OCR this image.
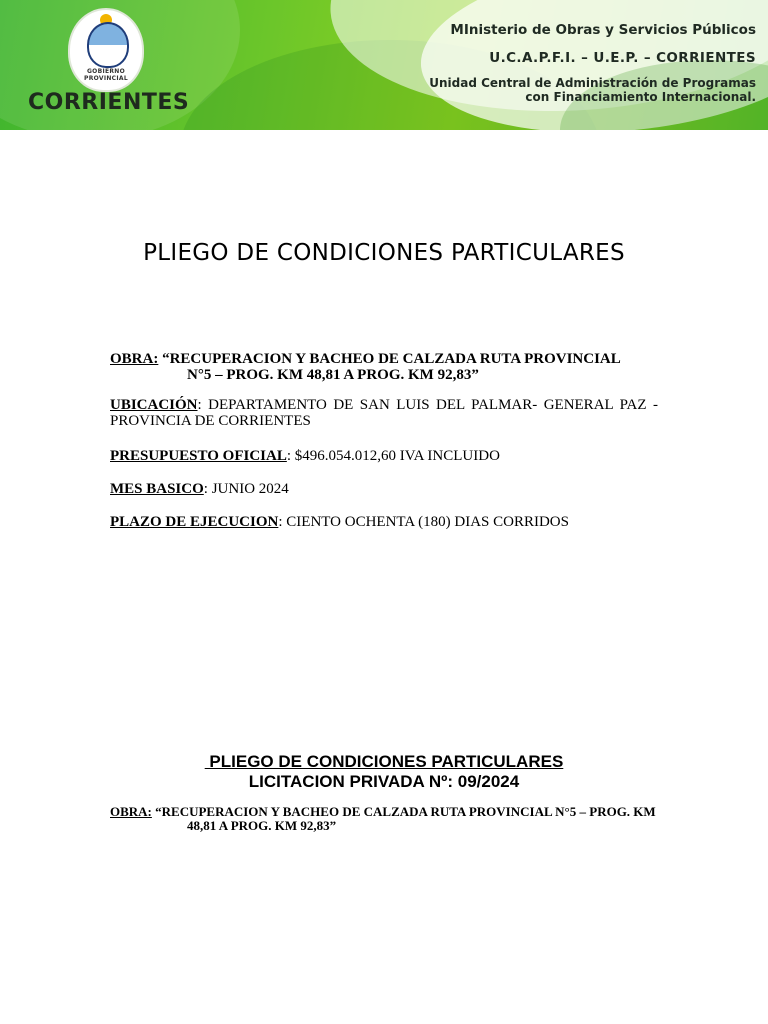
GOBIERNO PROVINCIAL
CORRIENTES
MInisterio de Obras y Servicios Públicos
U.C.A.P.F.I. – U.E.P. – CORRIENTES
Unidad Central de Administración de Programas
con Financiamiento Internacional.
PLIEGO DE CONDICIONES PARTICULARES
OBRA: “RECUPERACION Y BACHEO DE CALZADA RUTA PROVINCIAL
N°5 – PROG. KM 48,81 A PROG. KM 92,83”
UBICACIÓN: DEPARTAMENTO DE SAN LUIS DEL PALMAR- GENERAL PAZ - PROVINCIA DE CORRIENTES
PRESUPUESTO OFICIAL: $496.054.012,60 IVA INCLUIDO
MES BASICO: JUNIO 2024
PLAZO DE EJECUCION: CIENTO OCHENTA (180) DIAS CORRIDOS
PLIEGO DE CONDICIONES PARTICULARES
LICITACION PRIVADA Nº: 09/2024
OBRA: “RECUPERACION Y BACHEO DE CALZADA RUTA PROVINCIAL N°5 – PROG. KM
48,81 A PROG. KM 92,83”
